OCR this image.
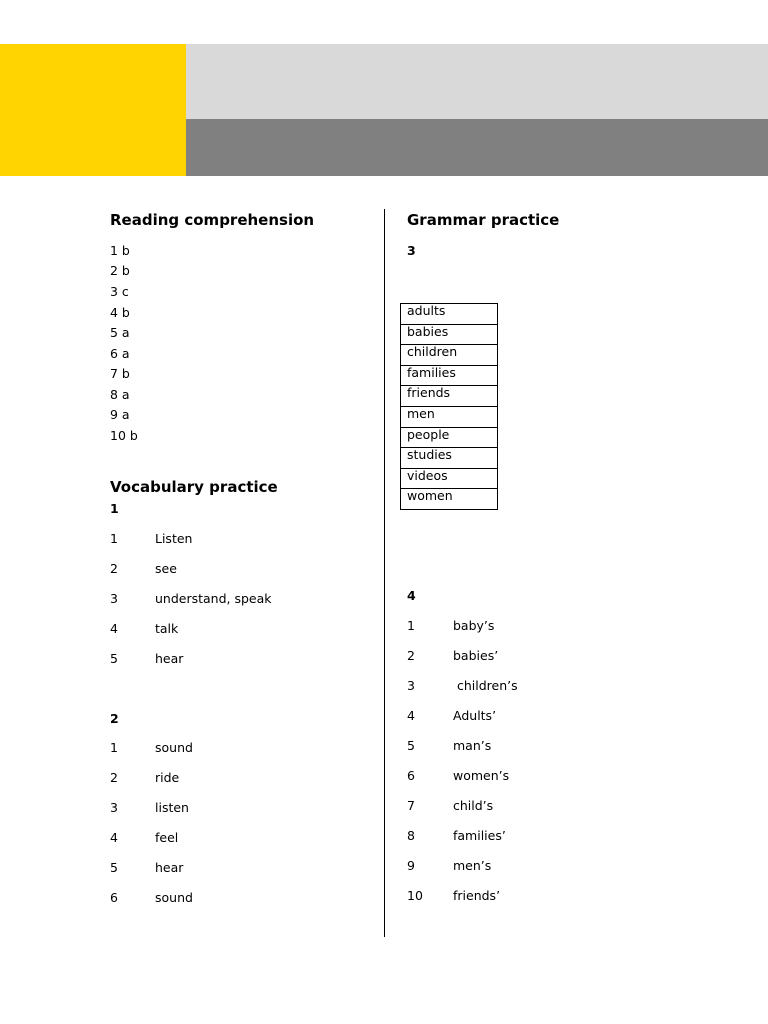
Reading comprehension
1 b
2 b
3 c
4 b
5 a
6 a
7 b
8 a
9 a
10 b
Vocabulary practice
1
1	Listen
2	see
3	understand, speak
4	talk
5	hear
2
1	sound
2	ride
3	listen
4	feel
5	hear
6	sound
Grammar practice
3
adults
babies
children
families
friends
men
people
studies
videos
women
4
1	baby’s
2	babies’
3	children’s
4	Adults’
5	man’s
6	women’s
7	child’s
8	families’
9	men’s
10 friends’
